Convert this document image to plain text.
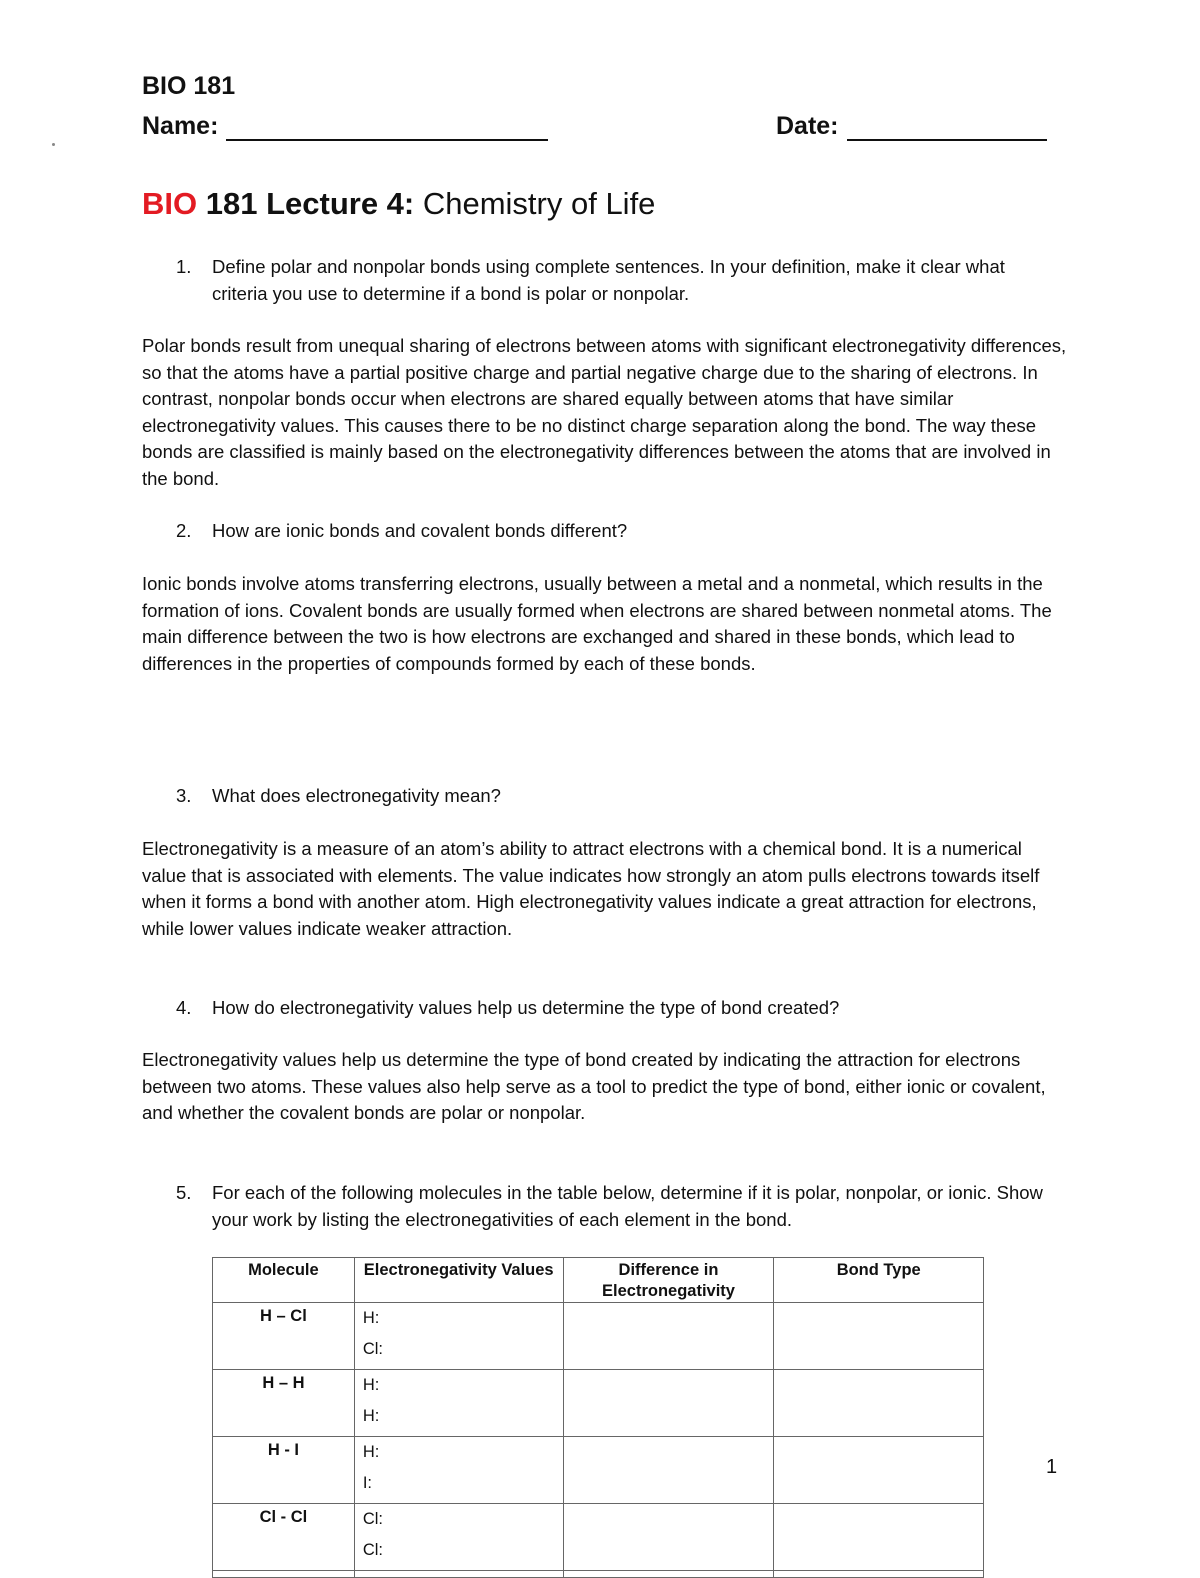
BIO 181
Name:	Date:
BIO 181 Lecture 4: Chemistry of Life
1. Define polar and nonpolar bonds using complete sentences. In your definition, make it clear what criteria you use to determine if a bond is polar or nonpolar.
Polar bonds result from unequal sharing of electrons between atoms with significant electronegativity differences, so that the atoms have a partial positive charge and partial negative charge due to the sharing of electrons. In contrast, nonpolar bonds occur when electrons are shared equally between atoms that have similar electronegativity values. This causes there to be no distinct charge separation along the bond. The way these bonds are classified is mainly based on the electronegativity differences between the atoms that are involved in the bond.
2. How are ionic bonds and covalent bonds different?
Ionic bonds involve atoms transferring electrons, usually between a metal and a nonmetal, which results in the formation of ions. Covalent bonds are usually formed when electrons are shared between nonmetal atoms. The main difference between the two is how electrons are exchanged and shared in these bonds, which lead to differences in the properties of compounds formed by each of these bonds.
3. What does electronegativity mean?
Electronegativity is a measure of an atom’s ability to attract electrons with a chemical bond. It is a numerical value that is associated with elements. The value indicates how strongly an atom pulls electrons towards itself when it forms a bond with another atom. High electronegativity values indicate a great attraction for electrons, while lower values indicate weaker attraction.
4. How do electronegativity values help us determine the type of bond created?
Electronegativity values help us determine the type of bond created by indicating the attraction for electrons between two atoms. These values also help serve as a tool to predict the type of bond, either ionic or covalent, and whether the covalent bonds are polar or nonpolar.
5. For each of the following molecules in the table below, determine if it is polar, nonpolar, or ionic. Show your work by listing the electronegativities of each element in the bond.
Molecule	Electronegativity Values	Difference in Electronegativity	Bond Type
H – Cl	H:
Cl:		

H – H	H:
H:		

H - I	H:
I:		

Cl - Cl	Cl:
Cl:		

1
